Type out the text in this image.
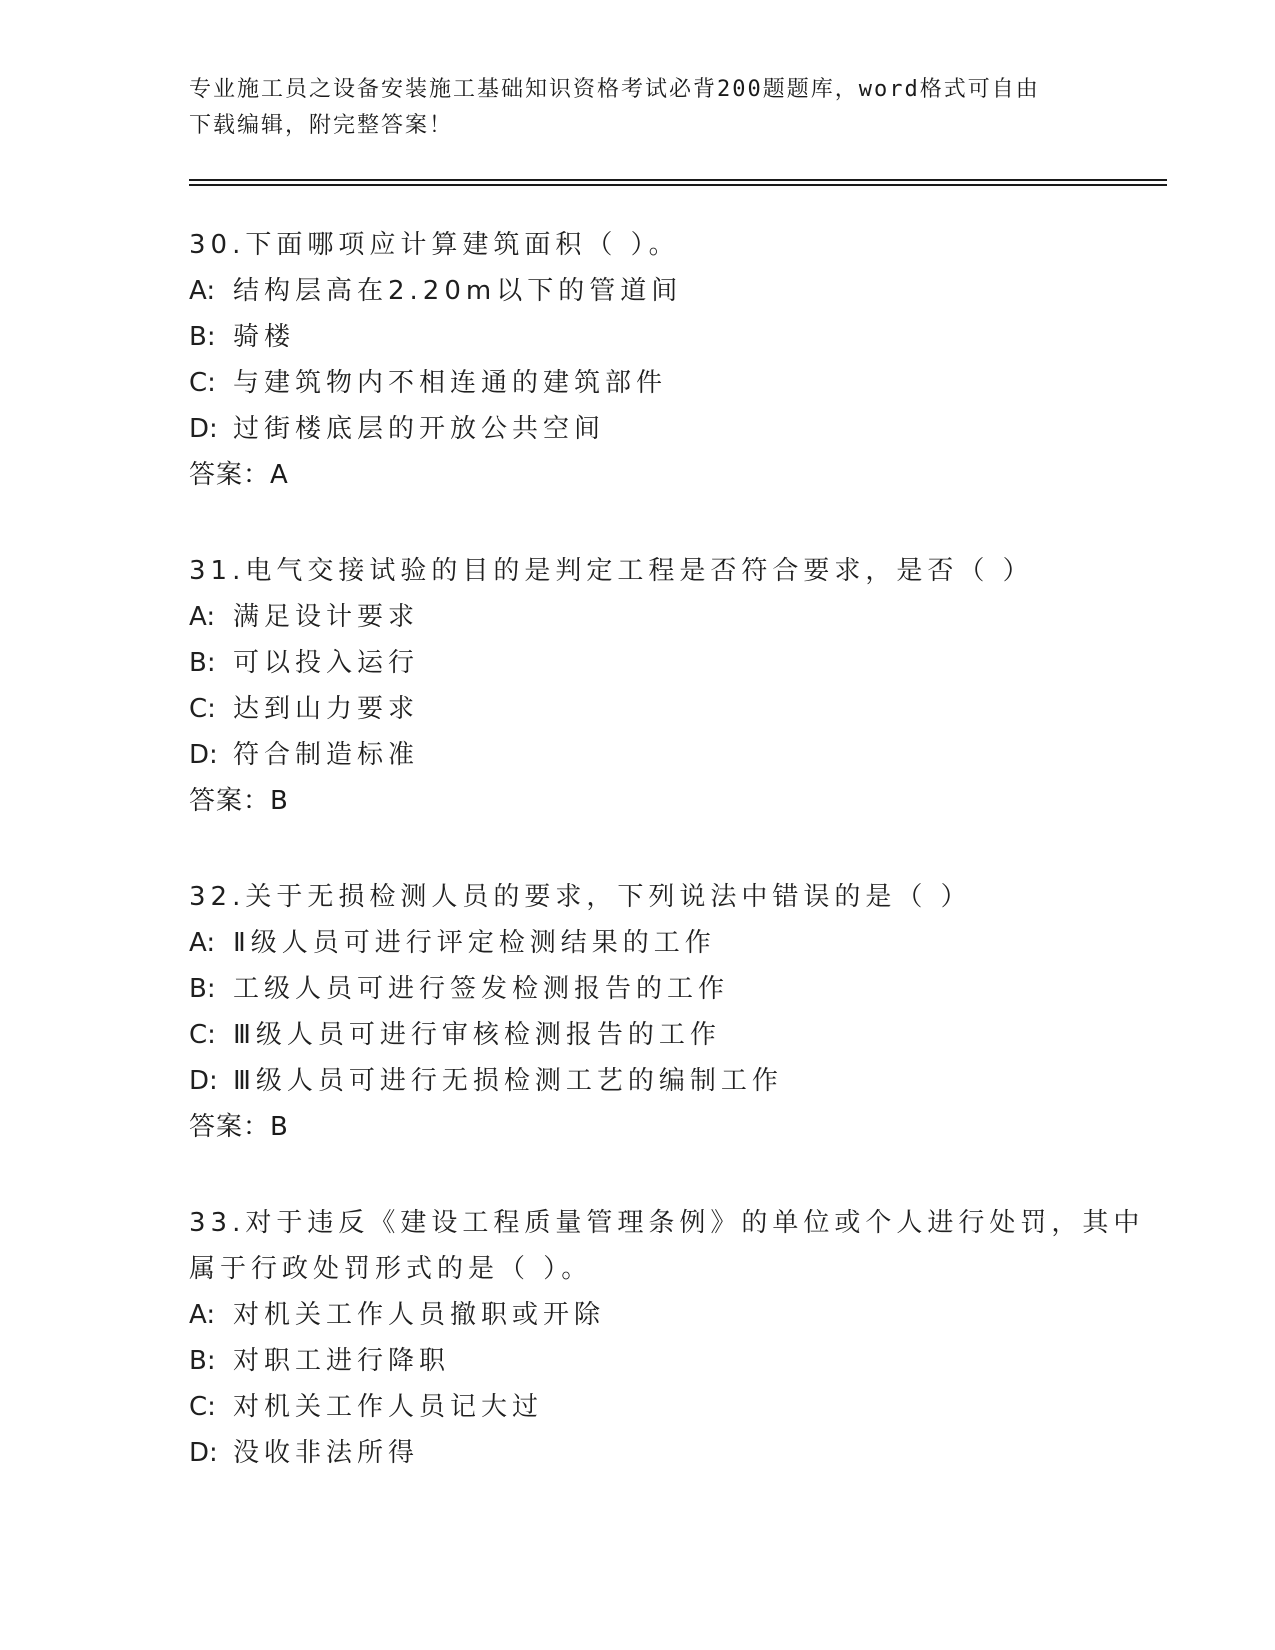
专业施工员之设备安装施工基础知识资格考试必背200题题库，word格式可自由
下载编辑，附完整答案！
30.下面哪项应计算建筑面积（ ）。
A: 结构层高在2.20m以下的管道间
B: 骑楼
C: 与建筑物内不相连通的建筑部件
D: 过街楼底层的开放公共空间
答案：A
31.电气交接试验的目的是判定工程是否符合要求，是否（ ）
A: 满足设计要求
B: 可以投入运行
C: 达到山力要求
D: 符合制造标准
答案：B
32.关于无损检测人员的要求，下列说法中错误的是（ ）
A: Ⅱ级人员可进行评定检测结果的工作
B: 工级人员可进行签发检测报告的工作
C: Ⅲ级人员可进行审核检测报告的工作
D: Ⅲ级人员可进行无损检测工艺的编制工作
答案：B
33.对于违反《建设工程质量管理条例》的单位或个人进行处罚，其中
属于行政处罚形式的是（ ）。
A: 对机关工作人员撤职或开除
B: 对职工进行降职
C: 对机关工作人员记大过
D: 没收非法所得
